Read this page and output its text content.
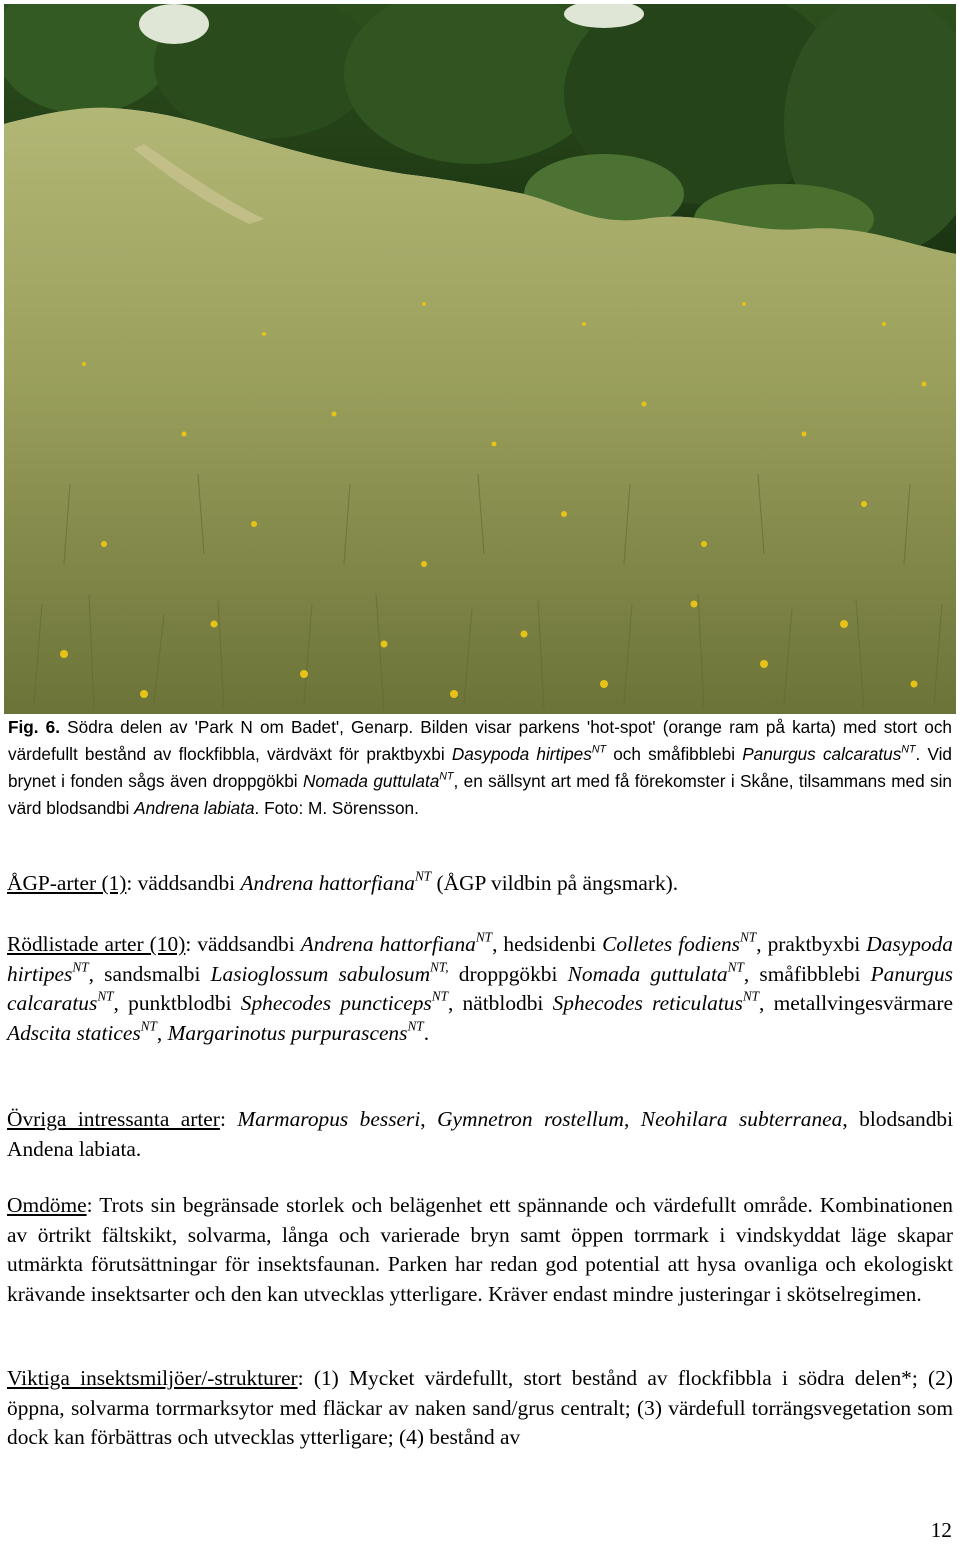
Fig. 6. Södra delen av 'Park N om Badet', Genarp. Bilden visar parkens 'hot-spot' (orange ram på karta) med stort och värdefullt bestånd av flockfibbla, värdväxt för praktbyxbi Dasypoda hirtipes$^{NT}$ och småfibblebi Panurgus calcaratus$^{NT}$. Vid brynet i fonden sågs även droppgökbi Nomada guttulata$^{NT}$, en sällsynt art med få förekomster i Skåne, tilsammans med sin värd blodsandbi Andrena labiata. Foto: M. Sörensson.
ÅGP-arter (1): väddsandbi Andrena hattorfiana$^{NT}$ (ÅGP vildbin på ängsmark).
Rödlistade arter (10): väddsandbi Andrena hattorfiana$^{NT}$, hedsidenbi Colletes fodiens$^{NT}$, praktbyxbi Dasypoda hirtipes$^{NT}$, sandsmalbi Lasioglossum sabulosum$^{NT,}$ droppgökbi Nomada guttulata$^{NT}$, småfibblebi Panurgus calcaratus$^{NT}$, punktblodbi Sphecodes puncticeps$^{NT}$, nätblodbi Sphecodes reticulatus$^{NT}$, metallvingesvärmare Adscita statices$^{NT}$, Margarinotus purpurascens$^{NT}$.
Övriga intressanta arter: Marmaropus besseri, Gymnetron rostellum, Neohilara subterranea, blodsandbi Andena labiata.
Omdöme: Trots sin begränsade storlek och belägenhet ett spännande och värdefullt område. Kombinationen av örtrikt fältskikt, solvarma, långa och varierade bryn samt öppen torrmark i vindskyddat läge skapar utmärkta förutsättningar för insektsfaunan. Parken har redan god potential att hysa ovanliga och ekologiskt krävande insektsarter och den kan utvecklas ytterligare. Kräver endast mindre justeringar i skötselregimen.
Viktiga insektsmiljöer/-strukturer: (1) Mycket värdefullt, stort bestånd av flockfibbla i södra delen*; (2) öppna, solvarma torrmarksytor med fläckar av naken sand/grus centralt; (3) värdefull torrängsvegetation som dock kan förbättras och utvecklas ytterligare; (4) bestånd av
12
